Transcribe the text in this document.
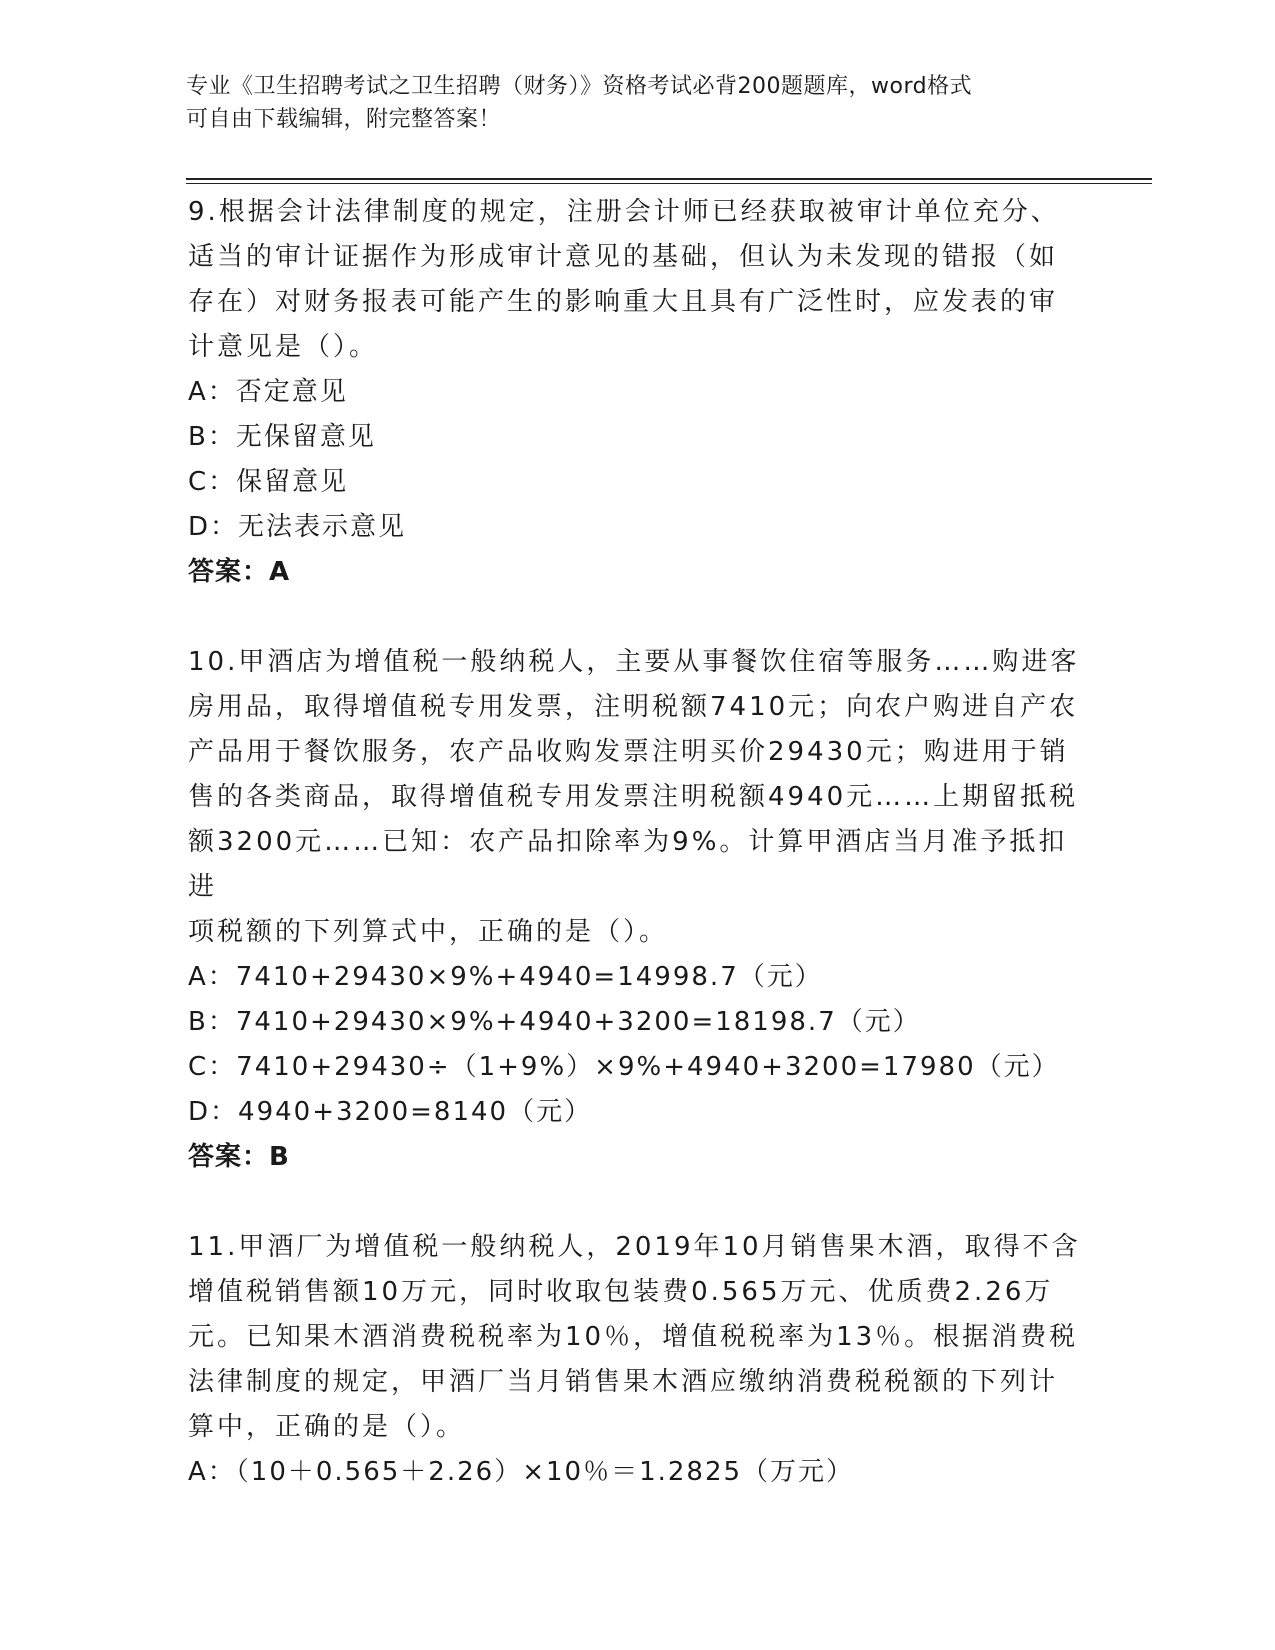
专业《卫生招聘考试之卫生招聘（财务）》资格考试必背200题题库，word格式
可自由下载编辑，附完整答案！
9.根据会计法律制度的规定，注册会计师已经获取被审计单位充分、
适当的审计证据作为形成审计意见的基础，但认为未发现的错报（如
存在）对财务报表可能产生的影响重大且具有广泛性时，应发表的审
计意见是（）。
A：否定意见
B：无保留意见
C：保留意见
D：无法表示意见
答案：A
10.甲酒店为增值税一般纳税人，主要从事餐饮住宿等服务……购进客
房用品，取得增值税专用发票，注明税额7410元；向农户购进自产农
产品用于餐饮服务，农产品收购发票注明买价29430元；购进用于销
售的各类商品，取得增值税专用发票注明税额4940元……上期留抵税
额3200元……已知：农产品扣除率为9%。计算甲酒店当月准予抵扣进
项税额的下列算式中，正确的是（）。
A：7410+29430×9%+4940=14998.7（元）
B：7410+29430×9%+4940+3200=18198.7（元）
C：7410+29430÷（1+9%）×9%+4940+3200=17980（元）
D：4940+3200=8140（元）
答案：B
11.甲酒厂为增值税一般纳税人，2019年10月销售果木酒，取得不含
增值税销售额10万元，同时收取包装费0.565万元、优质费2.26万
元。已知果木酒消费税税率为10％，增值税税率为13％。根据消费税
法律制度的规定，甲酒厂当月销售果木酒应缴纳消费税税额的下列计
算中，正确的是（）。
A：（10＋0.565＋2.26）×10％＝1.2825（万元）
